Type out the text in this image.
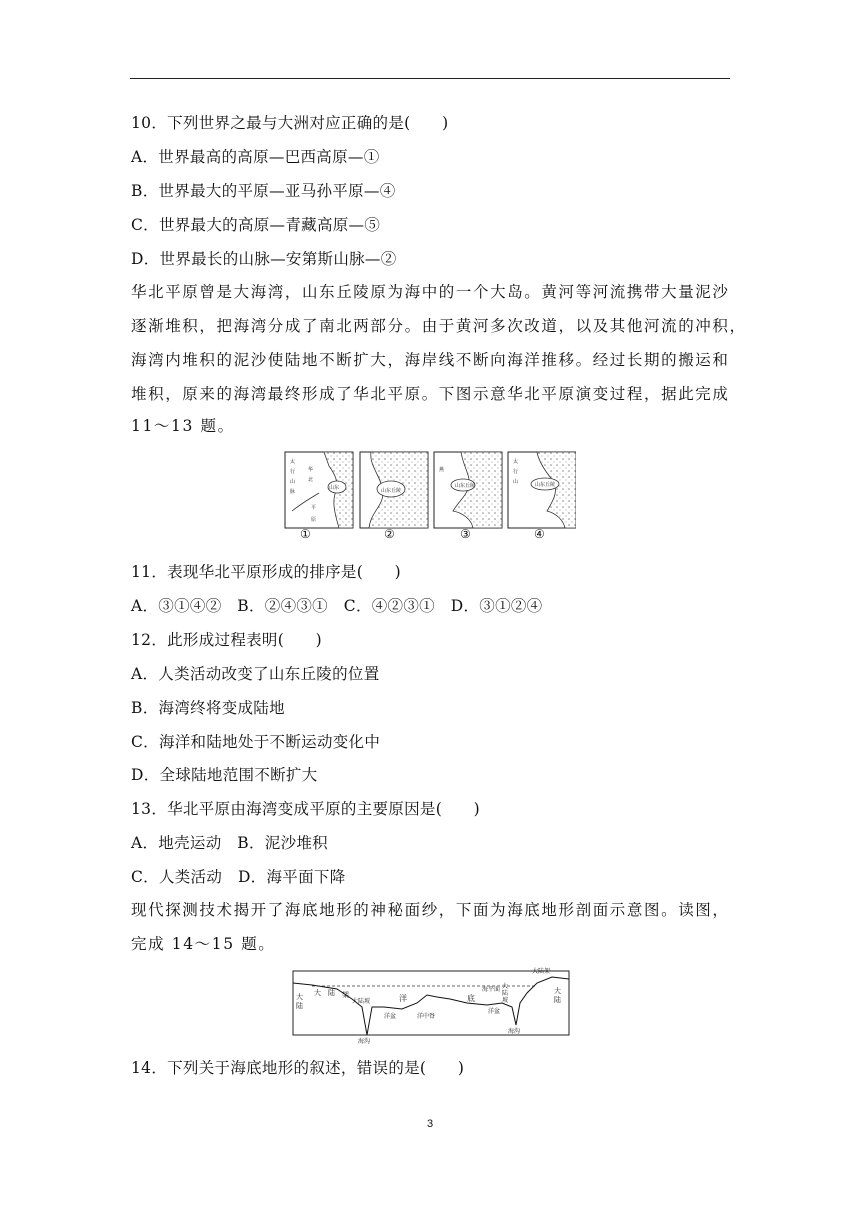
10．下列世界之最与大洲对应正确的是(　　)
A．世界最高的高原—巴西高原—①
B．世界最大的平原—亚马孙平原—④
C．世界最大的高原—青藏高原—⑤
D．世界最长的山脉—安第斯山脉—②
华北平原曾是大海湾，山东丘陵原为海中的一个大岛。黄河等河流携带大量泥沙
逐渐堆积，把海湾分成了南北两部分。由于黄河多次改道，以及其他河流的冲积，
海湾内堆积的泥沙使陆地不断扩大，海岸线不断向海洋推移。经过长期的搬运和
堆积，原来的海湾最终形成了华北平原。下图示意华北平原演变过程，据此完成
11～13 题。
太
行
山
脉
华
北
平
原
山东	山东丘陵
山东丘陵
燕
山东丘陵
太
行
山
①	②	③	④
11．表现华北平原形成的排序是(　　)
A．③①④②　B．②④③①　C．④②③①　D．③①②④
12．此形成过程表明(　　)
A．人类活动改变了山东丘陵的位置
B．海湾终将变成陆地
C．海洋和陆地处于不断运动变化中
D．全球陆地范围不断扩大
13．华北平原由海湾变成平原的主要原因是(　　)
A．地壳运动　B．泥沙堆积
C．人类活动　D．海平面下降
现代探测技术揭开了海底地形的神秘面纱，下面为海底地形剖面示意图。读图，
完成 14～15 题。
大
陆
大 陆 架
大陆坡
海沟
洋盆
洋
洋中脊
底
海平面 大
陆
坡
大陆架
洋盆
海沟
大
陆
14．下列关于海底地形的叙述，错误的是(　　)
3
